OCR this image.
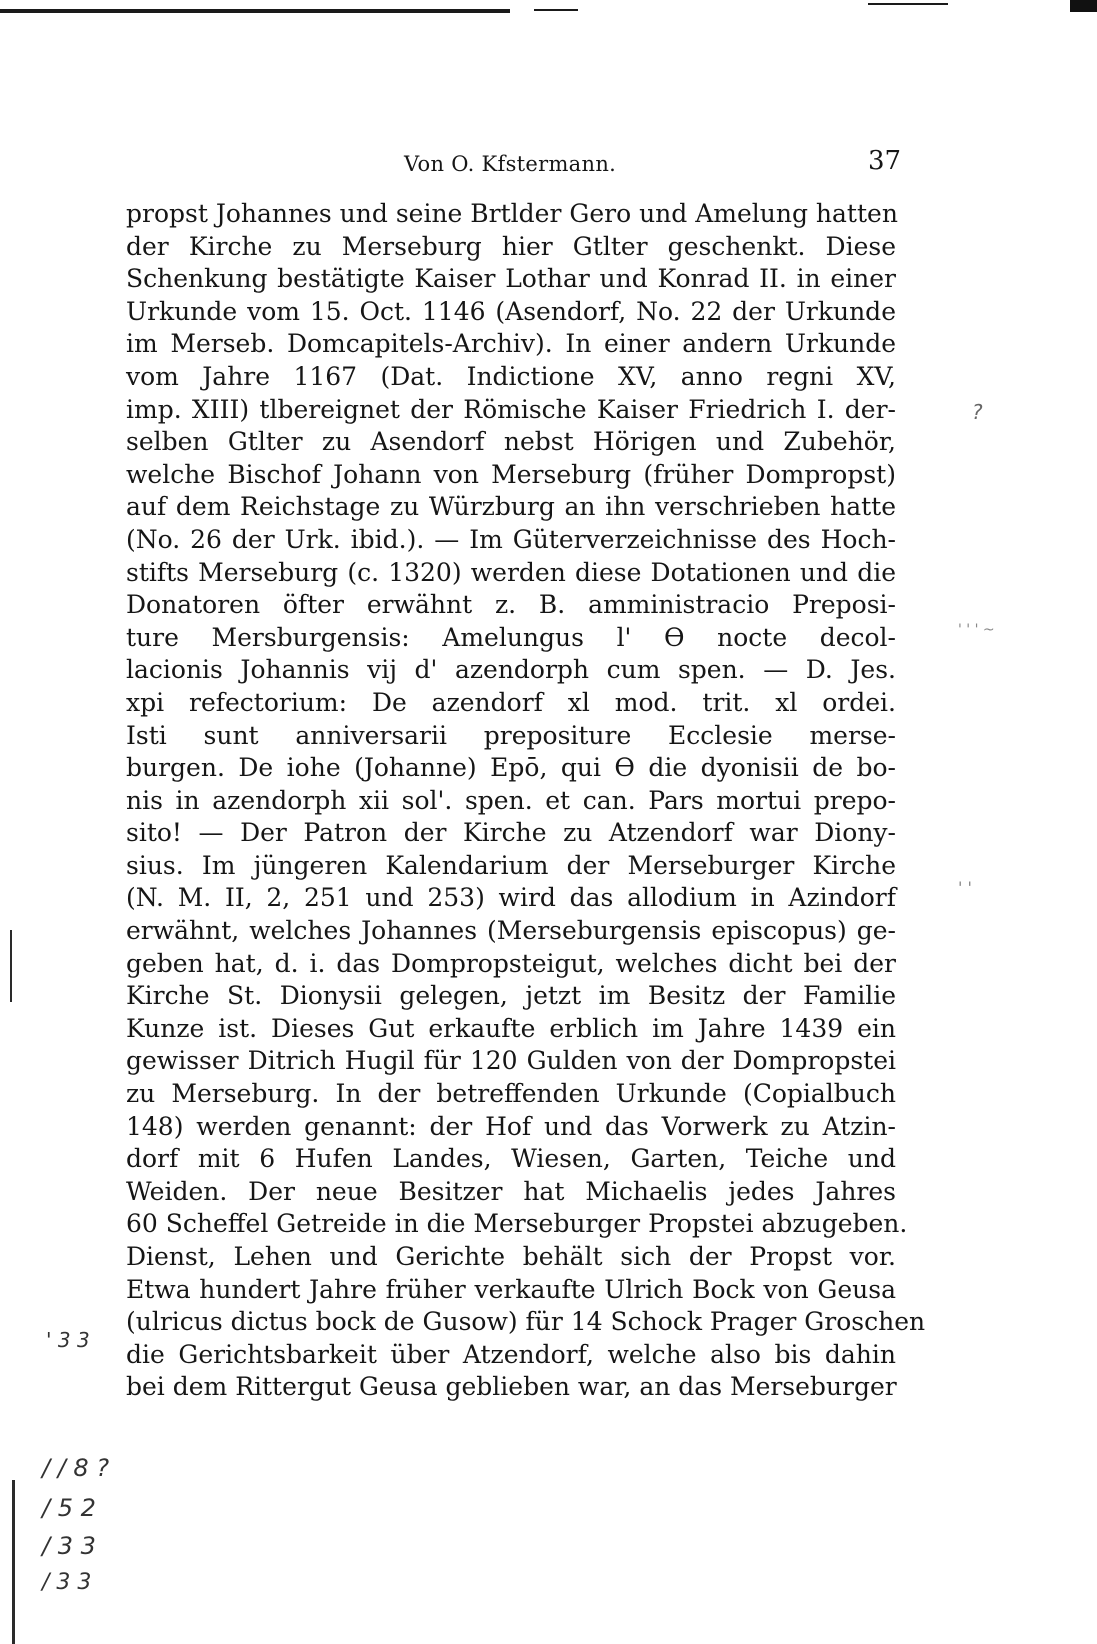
Von O. Kfstermann.	37
propst Johannes und seine Brtlder Gero und Amelung hatten
der Kirche zu Merseburg hier Gtlter geschenkt. Diese
Schenkung bestätigte Kaiser Lothar und Konrad II. in einer
Urkunde vom 15. Oct. 1146 (Asendorf, No. 22 der Urkunde
im Merseb. Domcapitels-Archiv). In einer andern Urkunde
vom Jahre 1167 (Dat. Indictione XV, anno regni XV,
imp. XIII) tlbereignet der Römische Kaiser Friedrich I. der-
selben Gtlter zu Asendorf nebst Hörigen und Zubehör,
welche Bischof Johann von Merseburg (früher Dompropst)
auf dem Reichstage zu Würzburg an ihn verschrieben hatte
(No. 26 der Urk. ibid.). — Im Güterverzeichnisse des Hoch-
stifts Merseburg (c. 1320) werden diese Dotationen und die
Donatoren öfter erwähnt z. B. amministracio Preposi-
ture Mersburgensis: Amelungus l' ϴ nocte decol-
lacionis Johannis vij d' azendorph cum spen. — D. Jes.
xpi refectorium: De azendorf xl mod. trit. xl ordei.
Isti sunt anniversarii prepositure Ecclesie merse-
burgen. De iohe (Johanne) Epō, qui ϴ die dyonisii de bo-
nis in azendorph xii sol'. spen. et can. Pars mortui prepo-
sito! — Der Patron der Kirche zu Atzendorf war Diony-
sius. Im jüngeren Kalendarium der Merseburger Kirche
(N. M. II, 2, 251 und 253) wird das allodium in Azindorf
erwähnt, welches Johannes (Merseburgensis episcopus) ge-
geben hat, d. i. das Dompropsteigut, welches dicht bei der
Kirche St. Dionysii gelegen, jetzt im Besitz der Familie
Kunze ist. Dieses Gut erkaufte erblich im Jahre 1439 ein
gewisser Ditrich Hugil für 120 Gulden von der Dompropstei
zu Merseburg. In der betreffenden Urkunde (Copialbuch
148) werden genannt: der Hof und das Vorwerk zu Atzin-
dorf mit 6 Hufen Landes, Wiesen, Garten, Teiche und
Weiden. Der neue Besitzer hat Michaelis jedes Jahres
60 Scheffel Getreide in die Merseburger Propstei abzugeben.
Dienst, Lehen und Gerichte behält sich der Propst vor.
Etwa hundert Jahre früher verkaufte Ulrich Bock von Geusa
(ulricus dictus bock de Gusow) für 14 Schock Prager Groschen
die Gerichtsbarkeit über Atzendorf, welche also bis dahin
bei dem Rittergut Geusa geblieben war, an das Merseburger
?
' ' ' ~
' '
' 3 3
/ / 8 ?
/ 5 2
/ 3 3
/ 3 3
